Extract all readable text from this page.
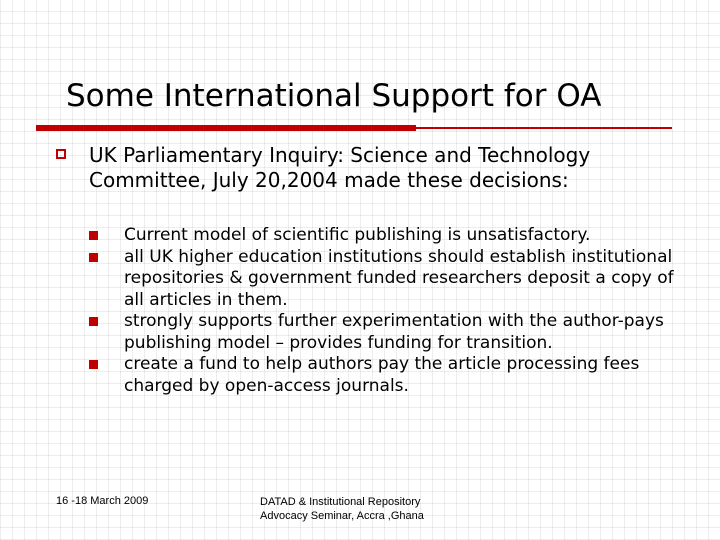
Some International Support for OA
UK Parliamentary Inquiry: Science and Technology Committee, July 20,2004 made these decisions:
Current model of scientific publishing is unsatisfactory.
all UK higher education institutions should establish institutional repositories & government funded researchers deposit a copy of all articles in them.
strongly supports further experimentation with the author-pays publishing model – provides funding for transition.
create a fund to help authors pay the article processing fees charged by open-access journals.
16 -18 March 2009	DATAD & Institutional Repository
Advocacy Seminar, Accra ,Ghana
